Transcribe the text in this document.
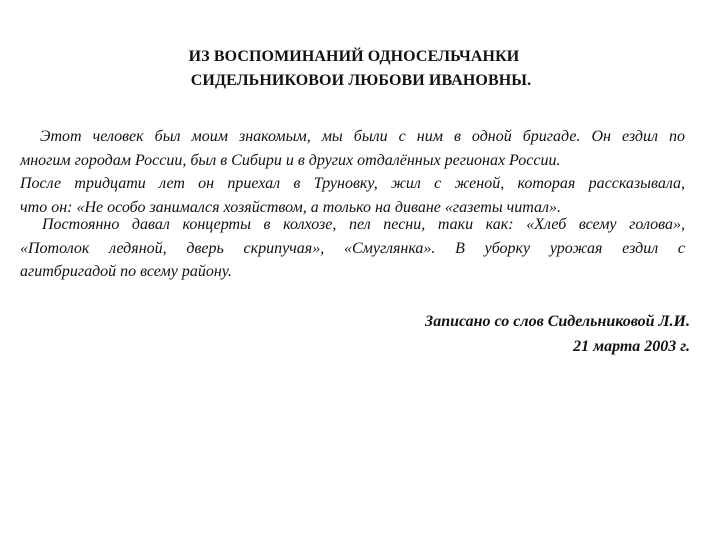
ИЗ ВОСПОМИНАНИЙ ОДНОСЕЛЬЧАНКИ
СИДЕЛЬНИКОВОИ ЛЮБОВИ ИВАНОВНЫ.
Этот человек был моим знакомым, мы были с ним в одной бригаде. Он ездил по
многим городам России, был в Сибири и в других отдалённых регионах России.
После тридцати лет он приехал в Труновку, жил с женой, которая рассказывала,
что он: «Не особо занимался хозяйством, а только на диване «газеты читал».
Постоянно давал концерты в колхозе, пел песни, таки как: «Хлеб всему голова»,
«Потолок ледяной, дверь скрипучая», «Смуглянка». В уборку урожая ездил с
агитбригадой по всему району.
Записано со слов Сидельниковой Л.И.
21 марта 2003 г.
